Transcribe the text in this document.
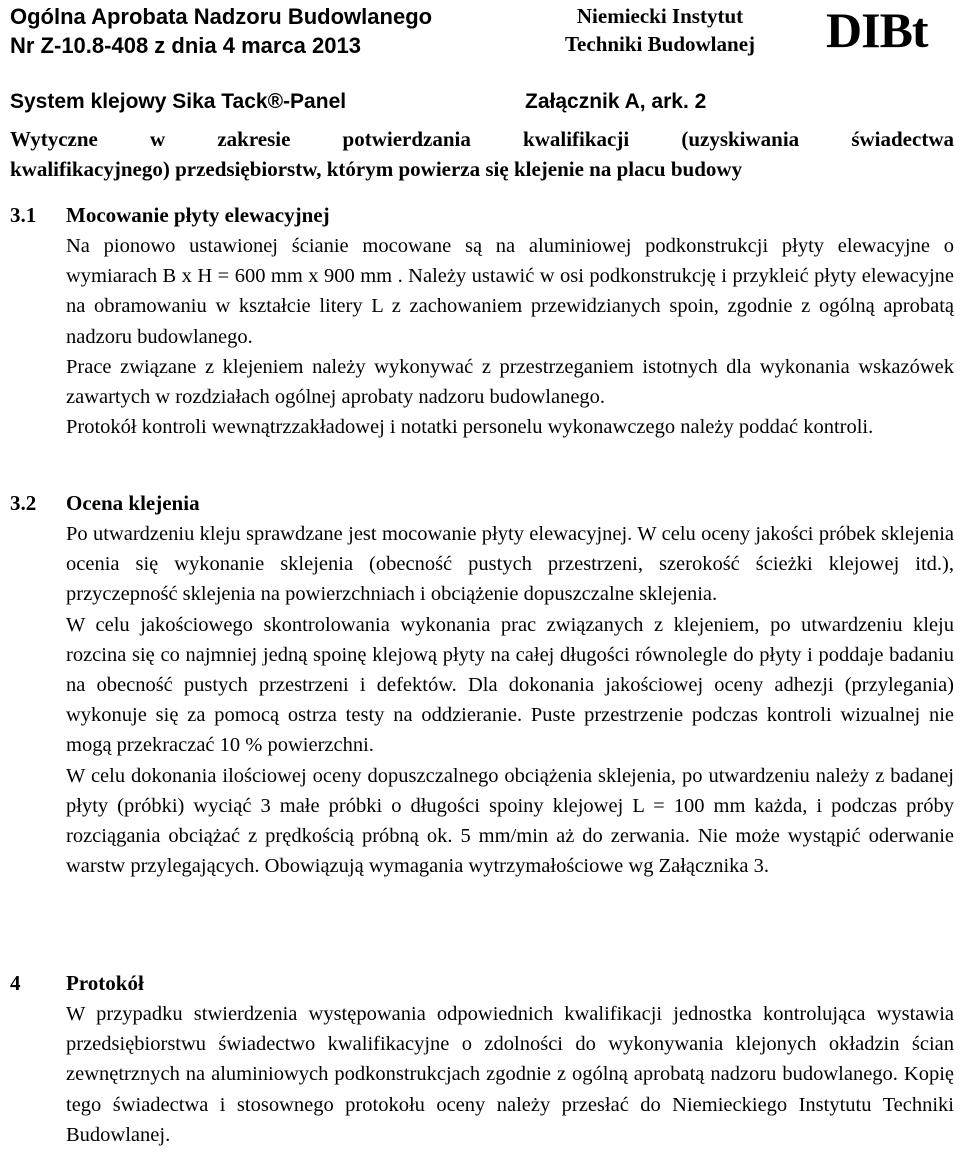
Ogólna Aprobata Nadzoru Budowlanego
Nr Z-10.8-408 z dnia 4 marca 2013
Niemiecki Instytut
Techniki Budowlanej	DIBt
System klejowy Sika Tack®-Panel	Załącznik A, ark. 2
Wytyczne w zakresie potwierdzania kwalifikacji (uzyskiwania świadectwa
kwalifikacyjnego) przedsiębiorstw, którym powierza się klejenie na placu budowy
3.1 Mocowanie płyty elewacyjnej

Na pionowo ustawionej ścianie mocowane są na aluminiowej podkonstrukcji płyty elewacyjne o wymiarach B x H = 600 mm x 900 mm . Należy ustawić w osi podkonstrukcję i przykleić płyty elewacyjne na obramowaniu w kształcie litery L z zachowaniem przewidzianych spoin, zgodnie z ogólną aprobatą nadzoru budowlanego.

Prace związane z klejeniem należy wykonywać z przestrzeganiem istotnych dla wykonania wskazówek zawartych w rozdziałach ogólnej aprobaty nadzoru budowlanego.

Protokół kontroli wewnątrzzakładowej i notatki personelu wykonawczego należy poddać kontroli.

3.2 Ocena klejenia

Po utwardzeniu kleju sprawdzane jest mocowanie płyty elewacyjnej. W celu oceny jakości próbek sklejenia ocenia się wykonanie sklejenia (obecność pustych przestrzeni, szerokość ścieżki klejowej itd.), przyczepność sklejenia na powierzchniach i obciążenie dopuszczalne sklejenia.

W celu jakościowego skontrolowania wykonania prac związanych z klejeniem, po utwardzeniu kleju rozcina się co najmniej jedną spoinę klejową płyty na całej długości równolegle do płyty i poddaje badaniu na obecność pustych przestrzeni i defektów. Dla dokonania jakościowej oceny adhezji (przylegania) wykonuje się za pomocą ostrza testy na oddzieranie. Puste przestrzenie podczas kontroli wizualnej nie mogą przekraczać 10 % powierzchni.

W celu dokonania ilościowej oceny dopuszczalnego obciążenia sklejenia, po utwardzeniu należy z badanej płyty (próbki) wyciąć 3 małe próbki o długości spoiny klejowej L = 100 mm każda, i podczas próby rozciągania obciążać z prędkością próbną ok. 5 mm/min aż do zerwania. Nie może wystąpić oderwanie warstw przylegających. Obowiązują wymagania wytrzymałościowe wg Załącznika 3.

4 Protokół

W przypadku stwierdzenia występowania odpowiednich kwalifikacji jednostka kontrolująca wystawia przedsiębiorstwu świadectwo kwalifikacyjne o zdolności do wykonywania klejonych okładzin ścian zewnętrznych na aluminiowych podkonstrukcjach zgodnie z ogólną aprobatą nadzoru budowlanego. Kopię tego świadectwa i stosownego protokołu oceny należy przesłać do Niemieckiego Instytutu Techniki Budowlanej.
